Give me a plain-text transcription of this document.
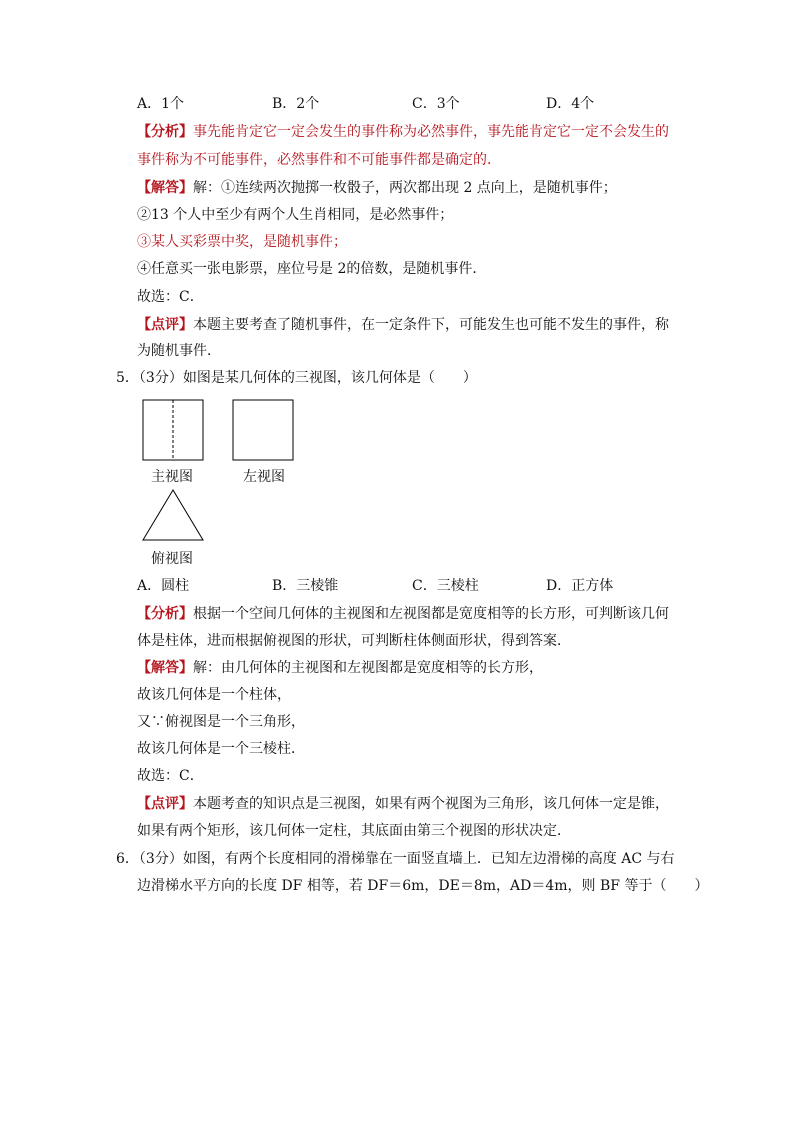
A．1个	B．2个	C．3个	D．4个
【分析】事先能肯定它一定会发生的事件称为必然事件，事先能肯定它一定不会发生的
事件称为不可能事件，必然事件和不可能事件都是确定的．
【解答】解：①连续两次抛掷一枚骰子，两次都出现 2 点向上，是随机事件；
②13 个人中至少有两个人生肖相同，是必然事件；
③某人买彩票中奖，是随机事件；
④任意买一张电影票，座位号是 2的倍数，是随机事件．
故选：C．
【点评】本题主要考查了随机事件，在一定条件下，可能发生也可能不发生的事件，称
为随机事件．
5．（3分）如图是某几何体的三视图，该几何体是（　　）
主视图	左视图
俯视图
A．圆柱	B．三棱锥	C．三棱柱	D．正方体
【分析】根据一个空间几何体的主视图和左视图都是宽度相等的长方形，可判断该几何
体是柱体，进而根据俯视图的形状，可判断柱体侧面形状，得到答案．
【解答】解：由几何体的主视图和左视图都是宽度相等的长方形，
故该几何体是一个柱体，
又∵俯视图是一个三角形，
故该几何体是一个三棱柱．
故选：C．
【点评】本题考查的知识点是三视图，如果有两个视图为三角形，该几何体一定是锥，
如果有两个矩形，该几何体一定柱，其底面由第三个视图的形状决定．
6．（3分）如图，有两个长度相同的滑梯靠在一面竖直墙上．已知左边滑梯的高度 AC 与右
边滑梯水平方向的长度 DF 相等，若 DF＝6m，DE＝8m，AD＝4m，则 BF 等于（　　）
